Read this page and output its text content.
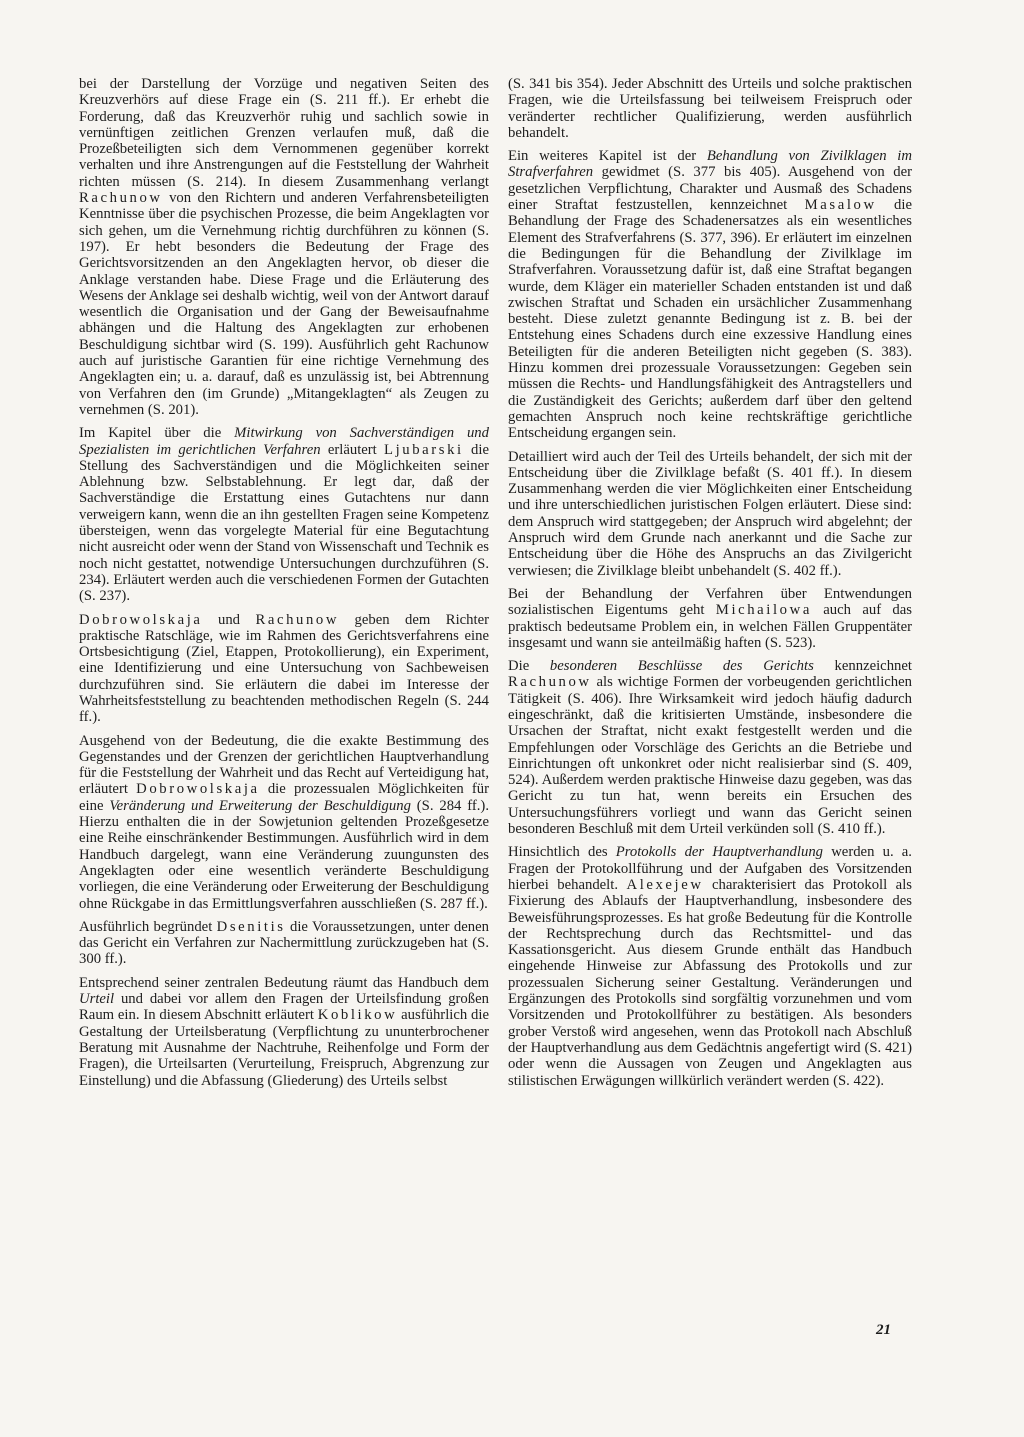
bei der Darstellung der Vorzüge und negativen Seiten des Kreuzverhörs auf diese Frage ein (S. 211 ff.). Er erhebt die Forderung, daß das Kreuzverhör ruhig und sachlich sowie in vernünftigen zeitlichen Grenzen verlaufen muß, daß die Prozeßbeteiligten sich dem Vernommenen gegenüber korrekt verhalten und ihre Anstrengungen auf die Feststellung der Wahrheit richten müssen (S. 214). In diesem Zusammenhang verlangt Rachunow von den Richtern und anderen Verfahrensbeteiligten Kenntnisse über die psychischen Prozesse, die beim Angeklagten vor sich gehen, um die Vernehmung richtig durchführen zu können (S. 197). Er hebt besonders die Bedeutung der Frage des Gerichtsvorsitzenden an den Angeklagten hervor, ob dieser die Anklage verstanden habe. Diese Frage und die Erläuterung des Wesens der Anklage sei deshalb wichtig, weil von der Antwort darauf wesentlich die Organisation und der Gang der Beweisaufnahme abhängen und die Haltung des Angeklagten zur erhobenen Beschuldigung sichtbar wird (S. 199). Ausführlich geht Rachunow auch auf juristische Garantien für eine richtige Vernehmung des Angeklagten ein; u. a. darauf, daß es unzulässig ist, bei Abtrennung von Verfahren den (im Grunde) „Mitangeklagten“ als Zeugen zu vernehmen (S. 201).

Im Kapitel über die Mitwirkung von Sachverständigen und Spezialisten im gerichtlichen Verfahren erläutert Ljubarski die Stellung des Sachverständigen und die Möglichkeiten seiner Ablehnung bzw. Selbstablehnung. Er legt dar, daß der Sachverständige die Erstattung eines Gutachtens nur dann verweigern kann, wenn die an ihn gestellten Fragen seine Kompetenz übersteigen, wenn das vorgelegte Material für eine Begutachtung nicht ausreicht oder wenn der Stand von Wissenschaft und Technik es noch nicht gestattet, notwendige Untersuchungen durchzuführen (S. 234). Erläutert werden auch die verschiedenen Formen der Gutachten (S. 237).

Dobrowolskaja und Rachunow geben dem Richter praktische Ratschläge, wie im Rahmen des Gerichtsverfahrens eine Ortsbesichtigung (Ziel, Etappen, Protokollierung), ein Experiment, eine Identifizierung und eine Untersuchung von Sachbeweisen durchzuführen sind. Sie erläutern die dabei im Interesse der Wahrheitsfeststellung zu beachtenden methodischen Regeln (S. 244 ff.).

Ausgehend von der Bedeutung, die die exakte Bestimmung des Gegenstandes und der Grenzen der gerichtlichen Hauptverhandlung für die Feststellung der Wahrheit und das Recht auf Verteidigung hat, erläutert Dobrowolskaja die prozessualen Möglichkeiten für eine Veränderung und Erweiterung der Beschuldigung (S. 284 ff.). Hierzu enthalten die in der Sowjetunion geltenden Prozeßgesetze eine Reihe einschränkender Bestimmungen. Ausführlich wird in dem Handbuch dargelegt, wann eine Veränderung zuungunsten des Angeklagten oder eine wesentlich veränderte Beschuldigung vorliegen, die eine Veränderung oder Erweiterung der Beschuldigung ohne Rückgabe in das Ermittlungsverfahren ausschließen (S. 287 ff.).

Ausführlich begründet Dsenitis die Voraussetzungen, unter denen das Gericht ein Verfahren zur Nachermittlung zurückzugeben hat (S. 300 ff.).

Entsprechend seiner zentralen Bedeutung räumt das Handbuch dem Urteil und dabei vor allem den Fragen der Urteilsfindung großen Raum ein. In diesem Abschnitt erläutert Koblikow ausführlich die Gestaltung der Urteilsberatung (Verpflichtung zu ununterbrochener Beratung mit Ausnahme der Nachtruhe, Reihenfolge und Form der Fragen), die Urteilsarten (Verurteilung, Freispruch, Abgrenzung zur Einstellung) und die Abfassung (Gliederung) des Urteils selbst

(S. 341 bis 354). Jeder Abschnitt des Urteils und solche praktischen Fragen, wie die Urteilsfassung bei teilweisem Freispruch oder veränderter rechtlicher Qualifizierung, werden ausführlich behandelt.

Ein weiteres Kapitel ist der Behandlung von Zivilklagen im Strafverfahren gewidmet (S. 377 bis 405). Ausgehend von der gesetzlichen Verpflichtung, Charakter und Ausmaß des Schadens einer Straftat festzustellen, kennzeichnet Masalow die Behandlung der Frage des Schadenersatzes als ein wesentliches Element des Strafverfahrens (S. 377, 396). Er erläutert im einzelnen die Bedingungen für die Behandlung der Zivilklage im Strafverfahren. Voraussetzung dafür ist, daß eine Straftat begangen wurde, dem Kläger ein materieller Schaden entstanden ist und daß zwischen Straftat und Schaden ein ursächlicher Zusammenhang besteht. Diese zuletzt genannte Bedingung ist z. B. bei der Entstehung eines Schadens durch eine exzessive Handlung eines Beteiligten für die anderen Beteiligten nicht gegeben (S. 383). Hinzu kommen drei prozessuale Voraussetzungen: Gegeben sein müssen die Rechts- und Handlungsfähigkeit des Antragstellers und die Zuständigkeit des Gerichts; außerdem darf über den geltend gemachten Anspruch noch keine rechtskräftige gerichtliche Entscheidung ergangen sein.

Detailliert wird auch der Teil des Urteils behandelt, der sich mit der Entscheidung über die Zivilklage befaßt (S. 401 ff.). In diesem Zusammenhang werden die vier Möglichkeiten einer Entscheidung und ihre unterschiedlichen juristischen Folgen erläutert. Diese sind: dem Anspruch wird stattgegeben; der Anspruch wird abgelehnt; der Anspruch wird dem Grunde nach anerkannt und die Sache zur Entscheidung über die Höhe des Anspruchs an das Zivilgericht verwiesen; die Zivilklage bleibt unbehandelt (S. 402 ff.).

Bei der Behandlung der Verfahren über Entwendungen sozialistischen Eigentums geht Michailowa auch auf das praktisch bedeutsame Problem ein, in welchen Fällen Gruppentäter insgesamt und wann sie anteilmäßig haften (S. 523).

Die besonderen Beschlüsse des Gerichts kennzeichnet Rachunow als wichtige Formen der vorbeugenden gerichtlichen Tätigkeit (S. 406). Ihre Wirksamkeit wird jedoch häufig dadurch eingeschränkt, daß die kritisierten Umstände, insbesondere die Ursachen der Straftat, nicht exakt festgestellt werden und die Empfehlungen oder Vorschläge des Gerichts an die Betriebe und Einrichtungen oft unkonkret oder nicht realisierbar sind (S. 409, 524). Außerdem werden praktische Hinweise dazu gegeben, was das Gericht zu tun hat, wenn bereits ein Ersuchen des Untersuchungsführers vorliegt und wann das Gericht seinen besonderen Beschluß mit dem Urteil verkünden soll (S. 410 ff.).

Hinsichtlich des Protokolls der Hauptverhandlung werden u. a. Fragen der Protokollführung und der Aufgaben des Vorsitzenden hierbei behandelt. Alexejew charakterisiert das Protokoll als Fixierung des Ablaufs der Hauptverhandlung, insbesondere des Beweisführungsprozesses. Es hat große Bedeutung für die Kontrolle der Rechtsprechung durch das Rechtsmittel- und das Kassationsgericht. Aus diesem Grunde enthält das Handbuch eingehende Hinweise zur Abfassung des Protokolls und zur prozessualen Sicherung seiner Gestaltung. Veränderungen und Ergänzungen des Protokolls sind sorgfältig vorzunehmen und vom Vorsitzenden und Protokollführer zu bestätigen. Als besonders grober Verstoß wird angesehen, wenn das Protokoll nach Abschluß der Hauptverhandlung aus dem Gedächtnis angefertigt wird (S. 421) oder wenn die Aussagen von Zeugen und Angeklagten aus stilistischen Erwägungen willkürlich verändert werden (S. 422).

21
